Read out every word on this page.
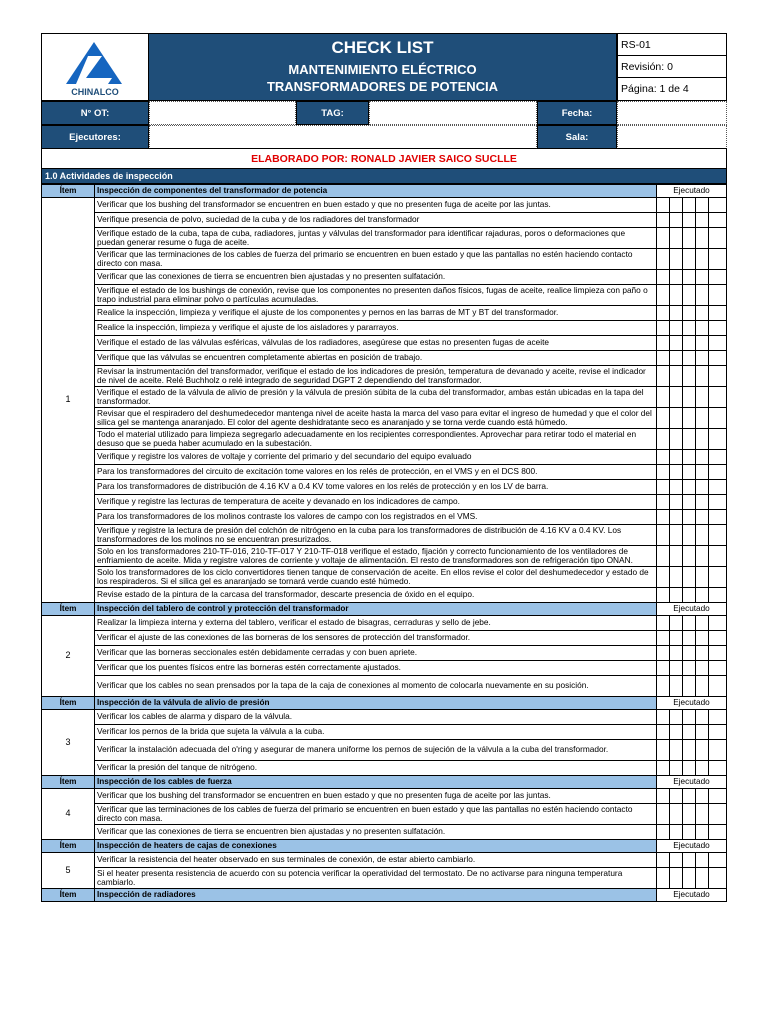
CHINALCO
CHECK LIST
MANTENIMIENTO ELÉCTRICO
TRANSFORMADORES DE POTENCIA
RS-01
Revisión: 0
Página: 1 de 4
N° OT:	TAG:	Fecha:
Ejecutores:	Sala:
ELABORADO POR: RONALD JAVIER SAICO SUCLLE
1.0 Actividades de inspección
Ítem	Inspección de componentes del transformador de potencia	Ejecutado				
1	Verificar que los bushing del transformador se encuentren en buen estado y que no presenten fuga de aceite por las juntas.					
	Verifique presencia de polvo, suciedad de la cuba y de los radiadores del transformador					
	Verifique estado de la cuba, tapa de cuba, radiadores, juntas y válvulas del transformador para identificar rajaduras, poros o deformaciones que puedan generar resume o fuga de aceite.					
	Verificar que las terminaciones de los cables de fuerza del primario se encuentren en buen estado y que las pantallas no estén haciendo contacto directo con masa.					
	Verificar que las conexiones de tierra se encuentren bien ajustadas y no presenten sulfatación.					
	Verifique el estado de los bushings de conexión, revise que los componentes no presenten daños físicos, fugas de aceite, realice limpieza con paño o trapo industrial para eliminar polvo o partículas acumuladas.					
	Realice la inspección, limpieza y verifique el ajuste de los componentes y pernos en las barras de MT y BT del transformador.					
	Realice la inspección, limpieza y verifique el ajuste de los aisladores y pararrayos.					
	Verifique el estado de las válvulas esféricas, válvulas de los radiadores, asegúrese que estas no presenten fugas de aceite					
	Verifique que las válvulas se encuentren completamente abiertas en posición de trabajo.					
	Revisar la instrumentación del transformador, verifique el estado de los indicadores de presión, temperatura de devanado y aceite, revise el indicador de nivel de aceite. Relé Buchholz o relé integrado de seguridad DGPT 2 dependiendo del transformador.					
	Verifique el estado de la válvula de alivio de presión y la válvula de presión súbita de la cuba del transformador, ambas están ubicadas en la tapa del transformador.					
	Revisar que el respiradero del deshumedecedor mantenga nivel de aceite hasta la marca del vaso para evitar el ingreso de humedad y que el color del silica gel se mantenga anaranjado. El color del agente deshidratante seco es anaranjado y se torna verde cuando está húmedo.					
	Todo el material utilizado para limpieza segregarlo adecuadamente en los recipientes correspondientes. Aprovechar para retirar todo el material en desuso que se pueda haber acumulado en la subestación.					
	Verifique y registre los valores de voltaje y corriente del primario y del secundario del equipo evaluado					
	Para los transformadores del circuito de excitación tome valores en los relés de protección, en el VMS y en el DCS 800.					
	Para los transformadores de distribución de 4.16 KV a 0.4 KV tome valores en los relés de protección y en los LV de barra.					
	Verifique y registre las lecturas de temperatura de aceite y devanado en los indicadores de campo.					
	Para los transformadores de los molinos contraste los valores de campo con los registrados en el VMS.					
	Verifique y registre la lectura de presión del colchón de nitrógeno en la cuba para los transformadores de distribución de 4.16 KV a 0.4 KV. Los transformadores de los molinos no se encuentran presurizados.					
	Solo en los transformadores 210-TF-016, 210-TF-017 Y 210-TF-018 verifique el estado, fijación y correcto funcionamiento de los ventiladores de enfriamiento de aceite. Mida y registre valores de corriente y voltaje de alimentación. El resto de transformadores son de refrigeración tipo ONAN.					
	Solo los transformadores de los ciclo convertidores tienen tanque de conservación de aceite. En ellos revise el color del deshumedecedor y estado de los respiraderos. Si el silica gel es anaranjado se tornará verde cuando esté húmedo.					
	Revise estado de la pintura de la carcasa del transformador, descarte presencia de óxido en el equipo.					
Ítem	Inspección del tablero de control y protección del transformador	Ejecutado				
2	Realizar la limpieza interna y externa del tablero, verificar el estado de bisagras, cerraduras y sello de jebe.					
	Verificar el ajuste de las conexiones de las borneras de los sensores de protección del transformador.					
	Verificar que las borneras seccionales estén debidamente cerradas y con buen apriete.					
	Verificar que los puentes físicos entre las borneras estén correctamente ajustados.					
	Verificar que los cables no sean prensados por la tapa de la caja de conexiones al momento de colocarla nuevamente en su posición.					
Ítem	Inspección de la válvula de alivio de presión	Ejecutado				
3	Verificar los cables de alarma y disparo de la válvula.					
	Verificar los pernos de la brida que sujeta la válvula a la cuba.					
	Verificar la instalación adecuada del o'ring y asegurar de manera uniforme los pernos de sujeción de la válvula a la cuba del transformador.					
	Verificar la presión del tanque de nitrógeno.					
Ítem	Inspección de los cables de fuerza	Ejecutado				
4	Verificar que los bushing del transformador se encuentren en buen estado y que no presenten fuga de aceite por las juntas.					
	Verificar que las terminaciones de los cables de fuerza del primario se encuentren en buen estado y que las pantallas no estén haciendo contacto directo con masa.					
	Verificar que las conexiones de tierra se encuentren bien ajustadas y no presenten sulfatación.					
Ítem	Inspección de heaters de cajas de conexiones	Ejecutado				
5	Verificar la resistencia del heater observado en sus terminales de conexión, de estar abierto cambiarlo.					
	Si el heater presenta resistencia de acuerdo con su potencia verificar la operatividad del termostato. De no activarse para ninguna temperatura cambiarlo.					
Ítem	Inspección de radiadores	Ejecutado				
